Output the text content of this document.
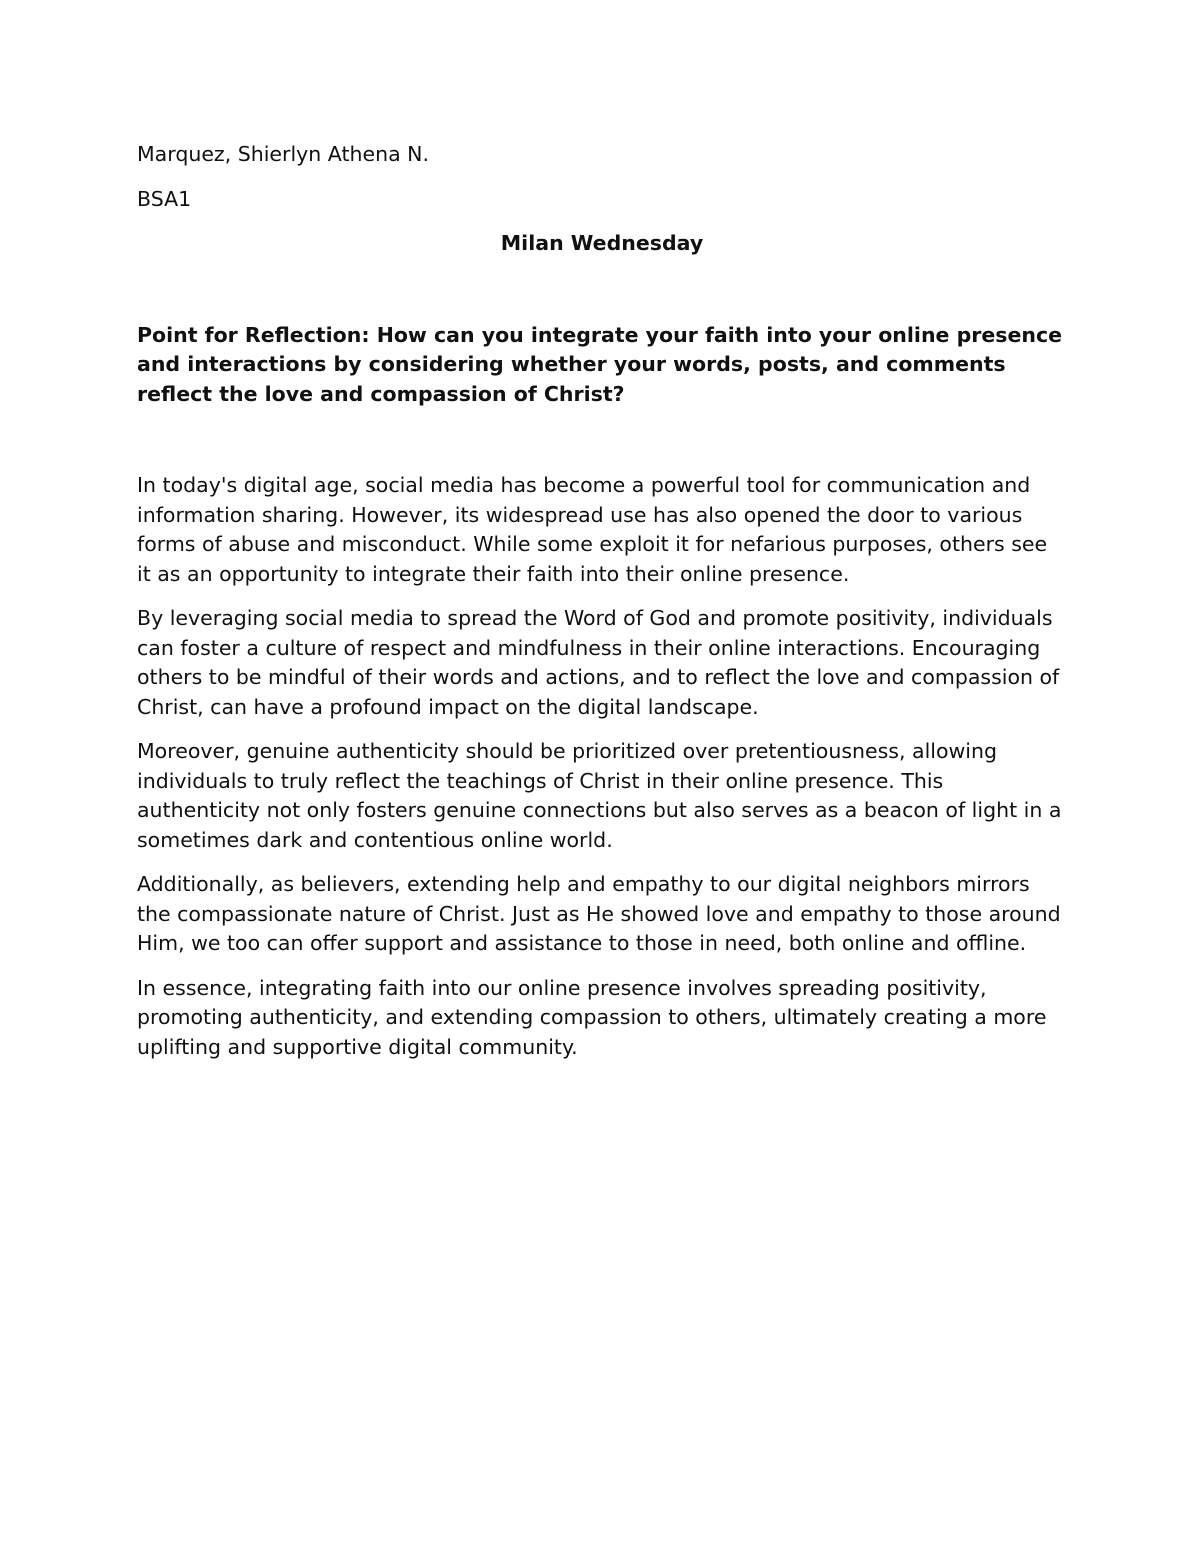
Marquez, Shierlyn Athena N.

BSA1

Milan Wednesday

Point for Reflection: How can you integrate your faith into your online presence and interactions by considering whether your words, posts, and comments reflect the love and compassion of Christ?

In today's digital age, social media has become a powerful tool for communication and information sharing. However, its widespread use has also opened the door to various forms of abuse and misconduct. While some exploit it for nefarious purposes, others see it as an opportunity to integrate their faith into their online presence.

By leveraging social media to spread the Word of God and promote positivity, individuals can foster a culture of respect and mindfulness in their online interactions. Encouraging others to be mindful of their words and actions, and to reflect the love and compassion of Christ, can have a profound impact on the digital landscape.

Moreover, genuine authenticity should be prioritized over pretentiousness, allowing individuals to truly reflect the teachings of Christ in their online presence. This authenticity not only fosters genuine connections but also serves as a beacon of light in a sometimes dark and contentious online world.

Additionally, as believers, extending help and empathy to our digital neighbors mirrors the compassionate nature of Christ. Just as He showed love and empathy to those around Him, we too can offer support and assistance to those in need, both online and offline.

In essence, integrating faith into our online presence involves spreading positivity, promoting authenticity, and extending compassion to others, ultimately creating a more uplifting and supportive digital community.
